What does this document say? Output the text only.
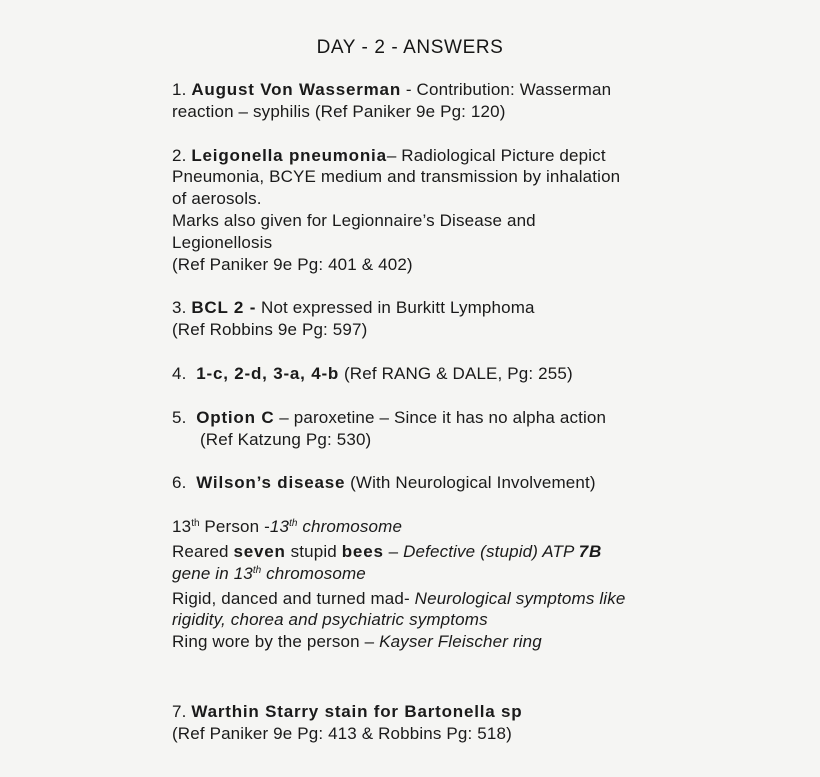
DAY - 2 - ANSWERS

1. August Von Wasserman - Contribution: Wasserman
reaction – syphilis (Ref Paniker 9e Pg: 120)

2. Leigonella pneumonia– Radiological Picture depict
Pneumonia, BCYE medium and transmission by inhalation
of aerosols.
Marks also given for Legionnaire’s Disease and
Legionellosis
(Ref Paniker 9e Pg: 401 & 402)

3. BCL 2 - Not expressed in Burkitt Lymphoma
(Ref Robbins 9e Pg: 597)

4.  1-c, 2-d, 3-a, 4-b (Ref RANG & DALE, Pg: 255)

5.  Option C – paroxetine – Since it has no alpha action
(Ref Katzung Pg: 530)

6.  Wilson’s disease (With Neurological Involvement)

13th Person -13th chromosome
Reared seven stupid bees – Defective (stupid) ATP 7B
gene in 13th chromosome
Rigid, danced and turned mad- Neurological symptoms like
rigidity, chorea and psychiatric symptoms
Ring wore by the person – Kayser Fleischer ring

7. Warthin Starry stain for Bartonella sp
(Ref Paniker 9e Pg: 413 & Robbins Pg: 518)
